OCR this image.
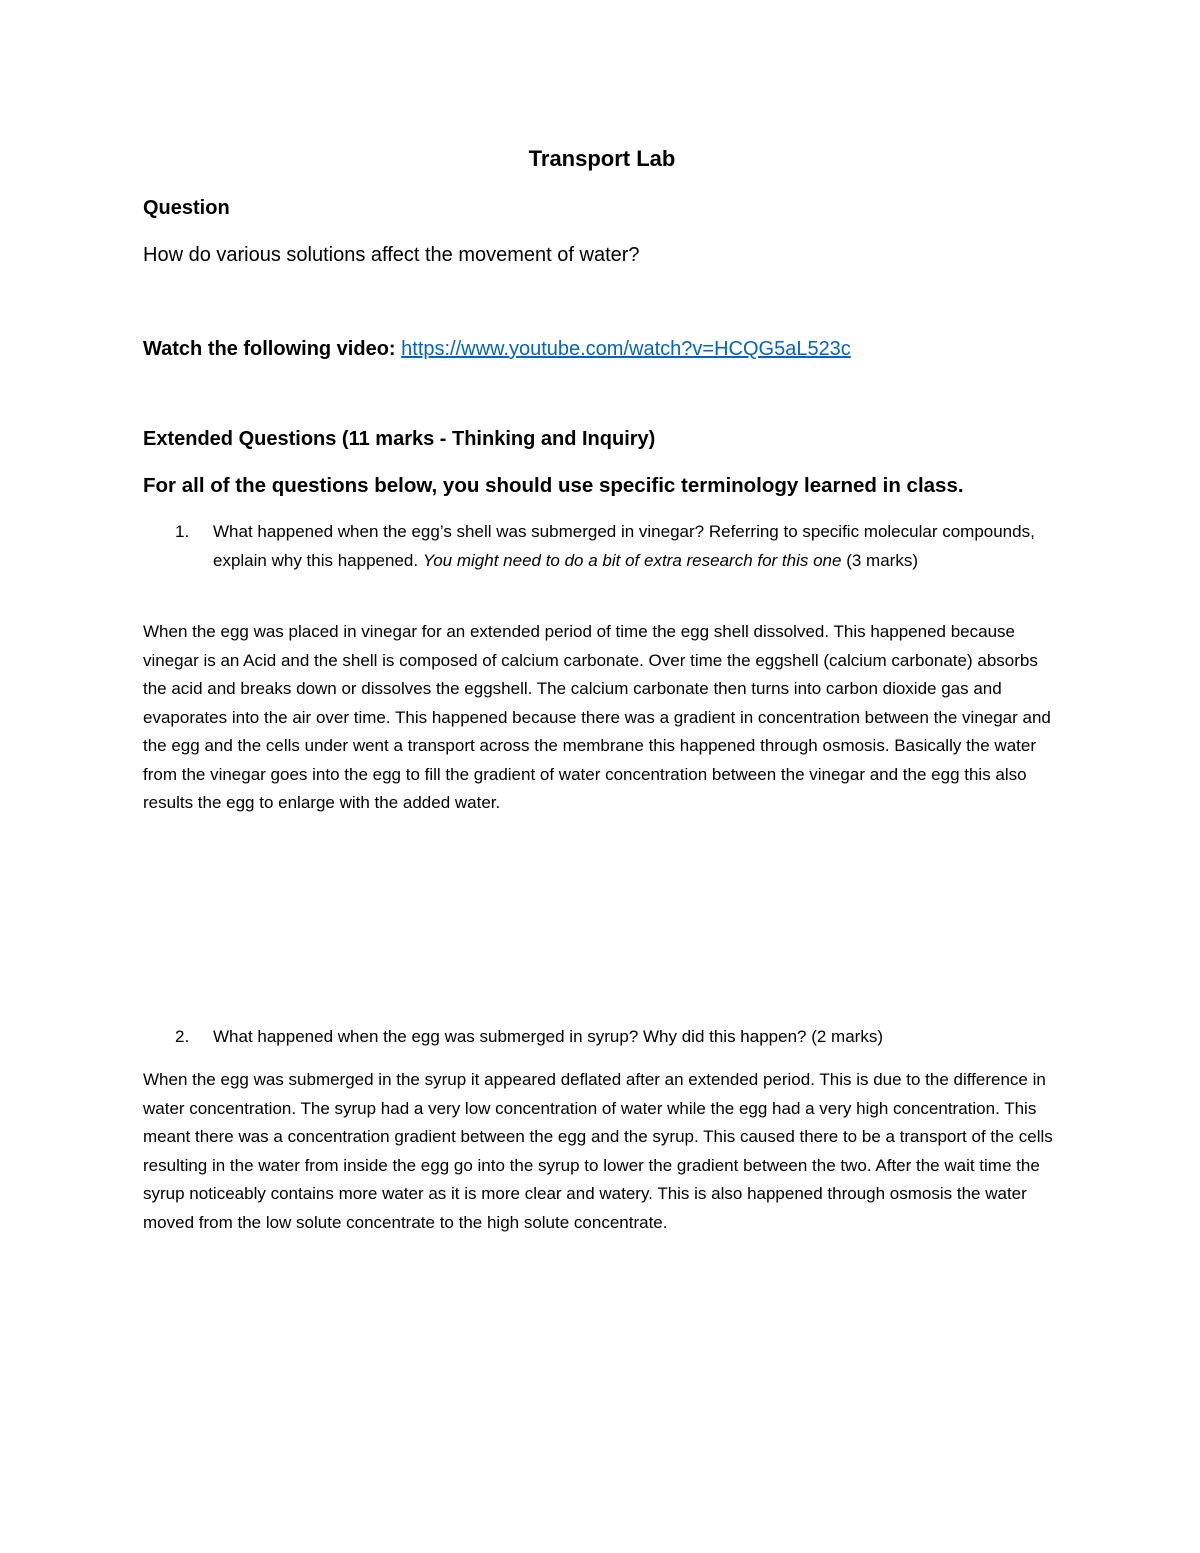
Transport Lab
Question
How do various solutions affect the movement of water?
Watch the following video: https://www.youtube.com/watch?v=HCQG5aL523c
Extended Questions (11 marks - Thinking and Inquiry)
For all of the questions below, you should use specific terminology learned in class.
1. What happened when the egg’s shell was submerged in vinegar? Referring to specific molecular compounds, explain why this happened. You might need to do a bit of extra research for this one (3 marks)
When the egg was placed in vinegar for an extended period of time the egg shell dissolved. This happened because vinegar is an Acid and the shell is composed of calcium carbonate. Over time the eggshell (calcium carbonate) absorbs the acid and breaks down or dissolves the eggshell. The calcium carbonate then turns into carbon dioxide gas and evaporates into the air over time. This happened because there was a gradient in concentration between the vinegar and the egg and the cells under went a transport across the membrane this happened through osmosis. Basically the water from the vinegar goes into the egg to fill the gradient of water concentration between the vinegar and the egg this also results the egg to enlarge with the added water.
2. What happened when the egg was submerged in syrup? Why did this happen? (2 marks)
When the egg was submerged in the syrup it appeared deflated after an extended period. This is due to the difference in water concentration. The syrup had a very low concentration of water while the egg had a very high concentration. This meant there was a concentration gradient between the egg and the syrup. This caused there to be a transport of the cells resulting in the water from inside the egg go into the syrup to lower the gradient between the two. After the wait time the syrup noticeably contains more water as it is more clear and watery. This is also happened through osmosis the water moved from the low solute concentrate to the high solute concentrate.
